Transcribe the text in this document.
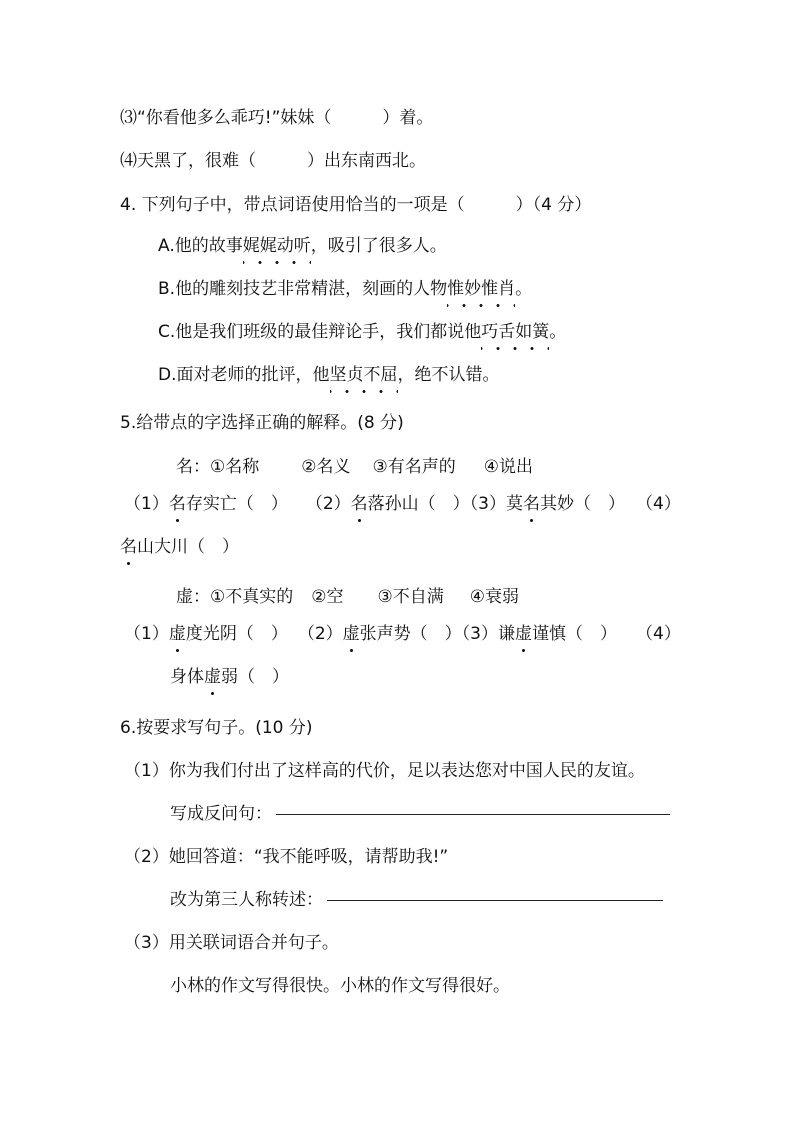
⑶“你看他多么乖巧!”妹妹（　　　）着。
⑷天黑了，很难（　　　）出东南西北。
4. 下列句子中，带点词语使用恰当的一项是（　　　）（4 分）
A.他的故事娓娓动听，吸引了很多人。
B.他的雕刻技艺非常精湛，刻画的人物惟妙惟肖。
C.他是我们班级的最佳辩论手，我们都说他巧舌如簧。
D.面对老师的批评，他坚贞不屈，绝不认错。
5.给带点的字选择正确的解释。(8 分)
名：①名称 ②名义 ③有名声的 ④说出
（1）名存实亡（　） （2）名落孙山（　）（3）莫名其妙（　） （4）
名山大川（　）
虚：①不真实的 ②空 ③不自满 ④衰弱
（1）虚度光阴（　） （2）虚张声势（　）（3）谦虚谨慎（　） （4）
身体虚弱（　）
6.按要求写句子。(10 分)
（1）你为我们付出了这样高的代价，足以表达您对中国人民的友谊。
写成反问句：
（2）她回答道：“我不能呼吸，请帮助我!”
改为第三人称转述：
（3）用关联词语合并句子。
小林的作文写得很快。小林的作文写得很好。
